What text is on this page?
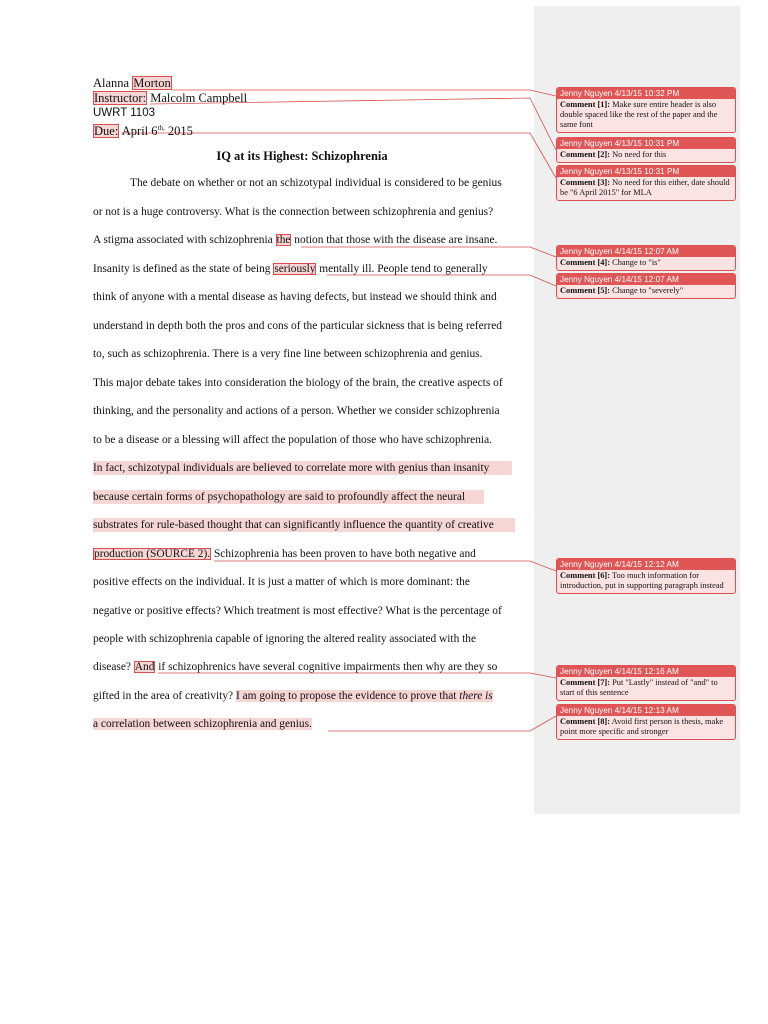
Alanna Morton
Instructor: Malcolm Campbell
UWRT 1103
Due: April $6^{th,}$ 2015
IQ at its Highest: Schizophrenia
The debate on whether or not an schizotypal individual is considered to be genius
or not is a huge controversy. What is the connection between schizophrenia and genius?
A stigma associated with schizophrenia the notion that those with the disease are insane.
Insanity is defined as the state of being seriously mentally ill. People tend to generally
think of anyone with a mental disease as having defects, but instead we should think and
understand in depth both the pros and cons of the particular sickness that is being referred
to, such as schizophrenia. There is a very fine line between schizophrenia and genius.
This major debate takes into consideration the biology of the brain, the creative aspects of
thinking, and the personality and actions of a person. Whether we consider schizophrenia
to be a disease or a blessing will affect the population of those who have schizophrenia.
In fact, schizotypal individuals are believed to correlate more with genius than insanity
because certain forms of psychopathology are said to profoundly affect the neural
substrates for rule-based thought that can significantly influence the quantity of creative
production (SOURCE 2). Schizophrenia has been proven to have both negative and
positive effects on the individual. It is just a matter of which is more dominant: the
negative or positive effects? Which treatment is most effective? What is the percentage of
people with schizophrenia capable of ignoring the altered reality associated with the
disease? And if schizophrenics have several cognitive impairments then why are they so
gifted in the area of creativity? I am going to propose the evidence to prove that there is
a correlation between schizophrenia and genius.
Jenny Nguyen 4/13/15 10:32 PM
Comment [1]: Make sure entire header is also double spaced like the rest of the paper and the same font
Jenny Nguyen 4/13/15 10:31 PM
Comment [2]: No need for this
Jenny Nguyen 4/13/15 10:31 PM
Comment [3]: No need for this either, date should be "6 April 2015" for MLA
Jenny Nguyen 4/14/15 12:07 AM
Comment [4]: Change to "is"
Jenny Nguyen 4/14/15 12:07 AM
Comment [5]: Change to "severely"
Jenny Nguyen 4/14/15 12:12 AM
Comment [6]: Too much information for introduction, put in supporting paragraph instead
Jenny Nguyen 4/14/15 12:16 AM
Comment [7]: Put "Lastly" instead of "and" to start of this sentence
Jenny Nguyen 4/14/15 12:13 AM
Comment [8]: Avoid first person is thesis, make point more specific and stronger
